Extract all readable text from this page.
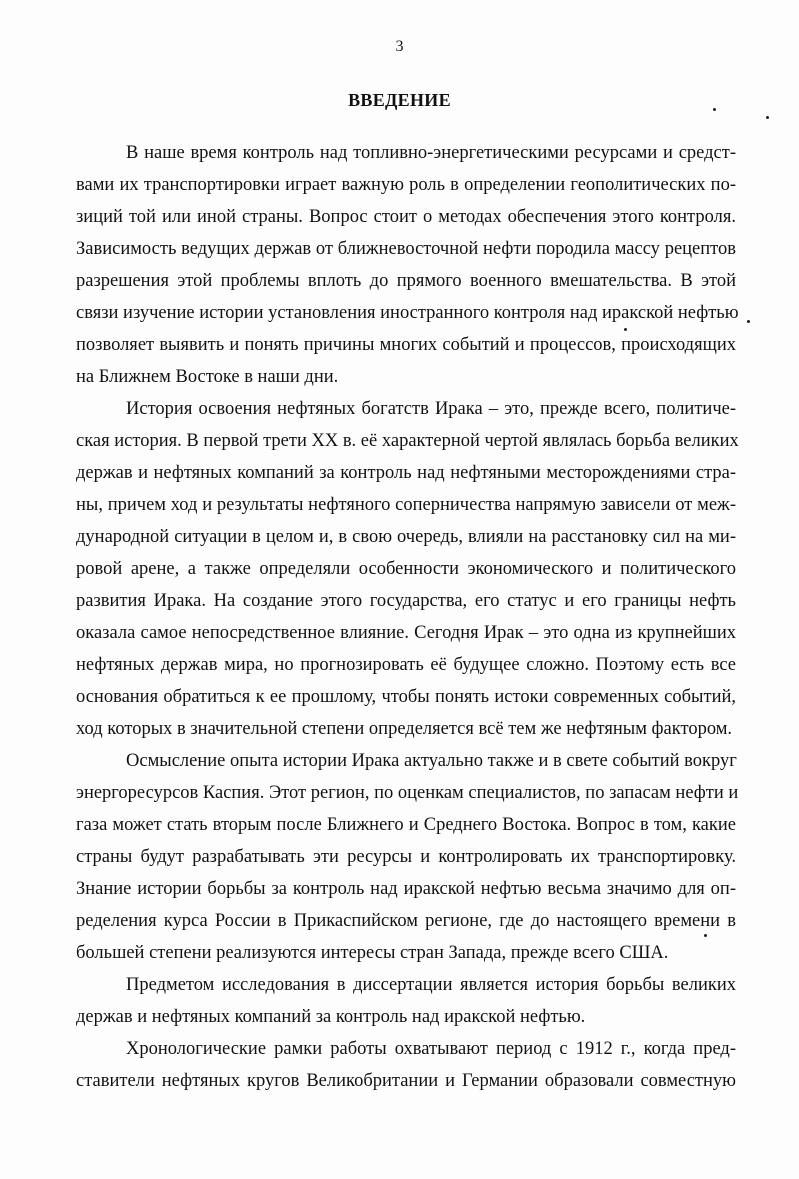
3
ВВЕДЕНИЕ
В наше время контроль над топливно-энергетическими ресурсами и средст-
вами их транспортировки играет важную роль в определении геополитических по-
зиций той или иной страны. Вопрос стоит о методах обеспечения этого контроля.
Зависимость ведущих держав от ближневосточной нефти породила массу рецептов
разрешения этой проблемы вплоть до прямого военного вмешательства. В этой
связи изучение истории установления иностранного контроля над иракской нефтью
позволяет выявить и понять причины многих событий и процессов, происходящих
на Ближнем Востоке в наши дни.
История освоения нефтяных богатств Ирака – это, прежде всего, политиче-
ская история. В первой трети XX в. её характерной чертой являлась борьба великих
держав и нефтяных компаний за контроль над нефтяными месторождениями стра-
ны, причем ход и результаты нефтяного соперничества напрямую зависели от меж-
дународной ситуации в целом и, в свою очередь, влияли на расстановку сил на ми-
ровой арене, а также определяли особенности экономического и политического
развития Ирака. На создание этого государства, его статус и его границы нефть
оказала самое непосредственное влияние. Сегодня Ирак – это одна из крупнейших
нефтяных держав мира, но прогнозировать её будущее сложно. Поэтому есть все
основания обратиться к ее прошлому, чтобы понять истоки современных событий,
ход которых в значительной степени определяется всё тем же нефтяным фактором.
Осмысление опыта истории Ирака актуально также и в свете событий вокруг
энергоресурсов Каспия. Этот регион, по оценкам специалистов, по запасам нефти и
газа может стать вторым после Ближнего и Среднего Востока. Вопрос в том, какие
страны будут разрабатывать эти ресурсы и контролировать их транспортировку.
Знание истории борьбы за контроль над иракской нефтью весьма значимо для оп-
ределения курса России в Прикаспийском регионе, где до настоящего времени в
большей степени реализуются интересы стран Запада, прежде всего США.
Предметом исследования в диссертации является история борьбы великих
держав и нефтяных компаний за контроль над иракской нефтью.
Хронологические рамки работы охватывают период с 1912 г., когда пред-
ставители нефтяных кругов Великобритании и Германии образовали совместную
